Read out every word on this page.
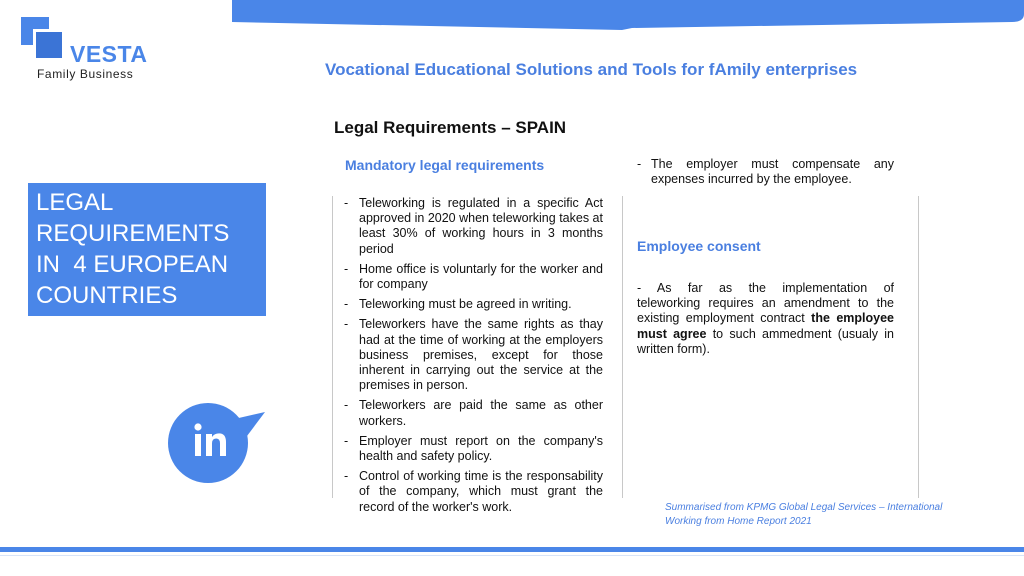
VESTA
Family Business	Vocational Educational Solutions and Tools for fAmily enterprises
Legal Requirements – SPAIN
LEGAL
REQUIREMENTS
IN  4 EUROPEAN
COUNTRIES
Mandatory legal requirements
Employee consent
- Teleworking is regulated in a specific Act approved in 2020 when teleworking takes at least 30% of working hours in 3 months period
- Home office is voluntarly for the worker and for company
- Teleworking must be agreed in writing.
- Teleworkers have the same rights as thay had at the time of working at the employers business premises, except for those inherent in carrying out the service at the premises in person.
- Teleworkers are paid the same as other workers.
- Employer must report on the company's health and safety policy.
- Control of working time is the responsability of the company, which must grant the record of the worker's work.
- The employer must compensate any expenses incurred by the employee.
-  As  far  as  the  implementation  of teleworking requires an amendment to the existing employment contract the employee must agree to such ammedment (usualy in written form).
Summarised from KPMG Global Legal Services – International Working from Home Report 2021
